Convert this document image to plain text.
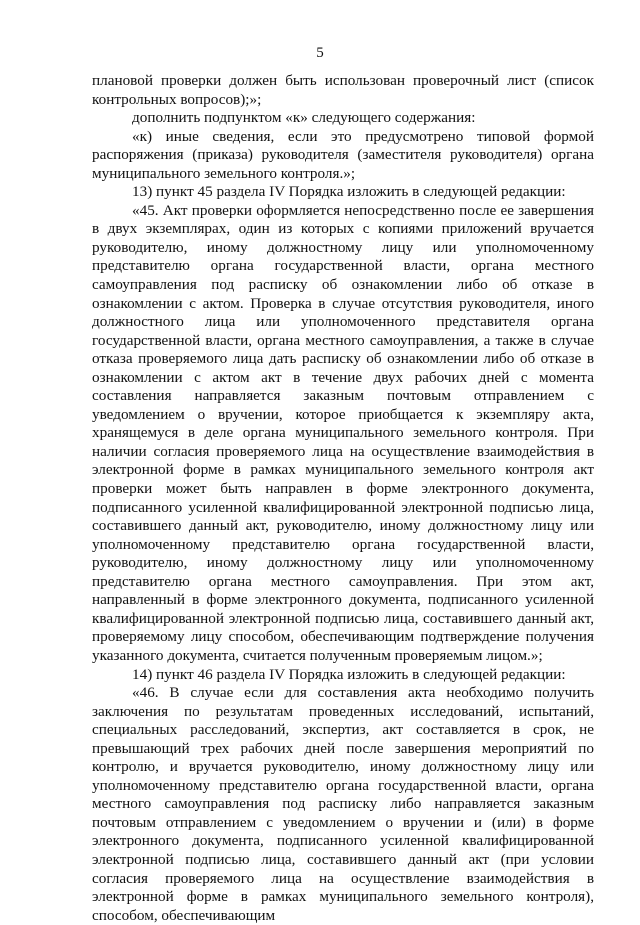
5

плановой проверки должен быть использован проверочный лист (список контрольных вопросов);»;

дополнить подпунктом «к» следующего содержания:

«к) иные сведения, если это предусмотрено типовой формой распоряжения (приказа) руководителя (заместителя руководителя) органа муниципального земельного контроля.»;

13) пункт 45 раздела IV Порядка изложить в следующей редакции:

«45. Акт проверки оформляется непосредственно после ее завершения в двух экземплярах, один из которых с копиями приложений вручается руководителю, иному должностному лицу или уполномоченному представителю органа государственной власти, органа местного самоуправления под расписку об ознакомлении либо об отказе в ознакомлении с актом. Проверка в случае отсутствия руководителя, иного должностного лица или уполномоченного представителя органа государственной власти, органа местного самоуправления, а также в случае отказа проверяемого лица дать расписку об ознакомлении либо об отказе в ознакомлении с актом акт в течение двух рабочих дней с момента составления направляется заказным почтовым отправлением с уведомлением о вручении, которое приобщается к экземпляру акта, хранящемуся в деле органа муниципального земельного контроля. При наличии согласия проверяемого лица на осуществление взаимодействия в электронной форме в рамках муниципального земельного контроля акт проверки может быть направлен в форме электронного документа, подписанного усиленной квалифицированной электронной подписью лица, составившего данный акт, руководителю, иному должностному лицу или уполномоченному представителю органа государственной власти, руководителю, иному должностному лицу или уполномоченному представителю органа местного самоуправления. При этом акт, направленный в форме электронного документа, подписанного усиленной квалифицированной электронной подписью лица, составившего данный акт, проверяемому лицу способом, обеспечивающим подтверждение получения указанного документа, считается полученным проверяемым лицом.»;

14) пункт 46 раздела IV Порядка изложить в следующей редакции:

«46. В случае если для составления акта необходимо получить заключения по результатам проведенных исследований, испытаний, специальных расследований, экспертиз, акт составляется в срок, не превышающий трех рабочих дней после завершения мероприятий по контролю, и вручается руководителю, иному должностному лицу или уполномоченному представителю органа государственной власти, органа местного самоуправления под расписку либо направляется заказным почтовым отправлением с уведомлением о вручении и (или) в форме электронного документа, подписанного усиленной квалифицированной электронной подписью лица, составившего данный акт (при условии согласия проверяемого лица на осуществление взаимодействия в электронной форме в рамках муниципального земельного контроля), способом, обеспечивающим
